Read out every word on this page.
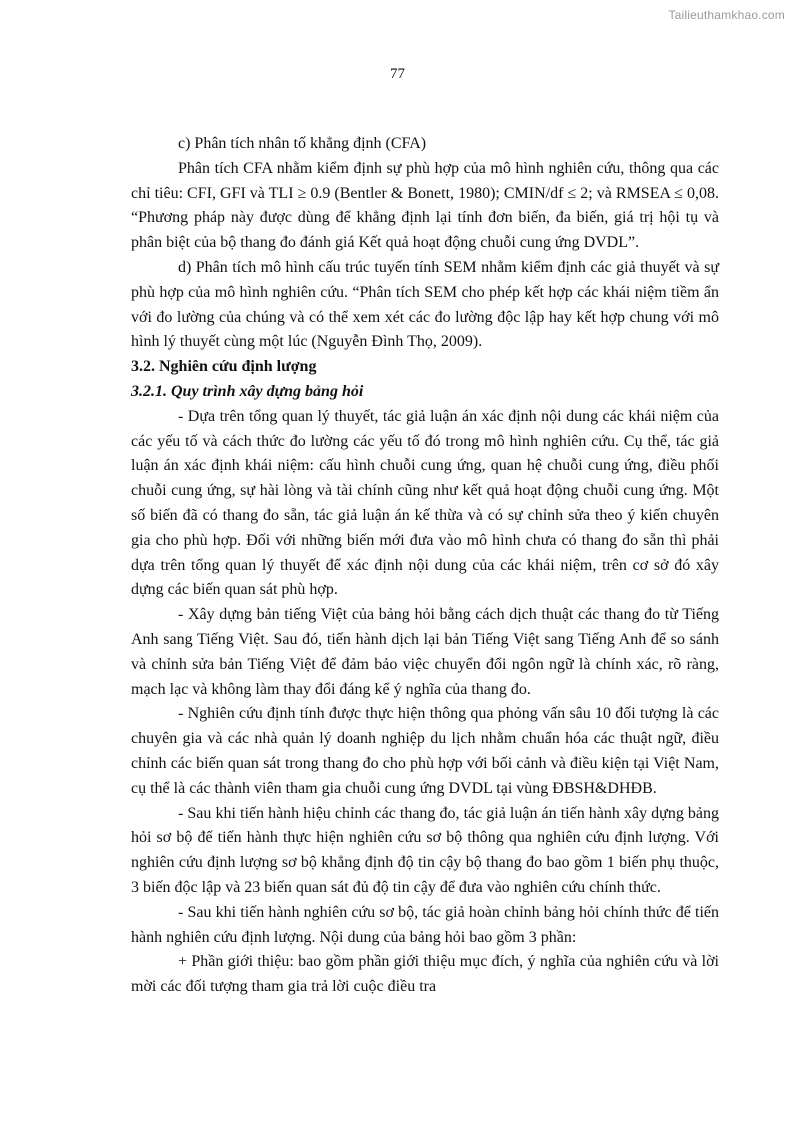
Tailieuthamkhao.com
77

c) Phân tích nhân tố khẳng định (CFA)

Phân tích CFA nhằm kiểm định sự phù hợp của mô hình nghiên cứu, thông qua các chỉ tiêu: CFI, GFI và TLI ≥ 0.9 (Bentler & Bonett, 1980); CMIN/df ≤ 2; và RMSEA ≤ 0,08. “Phương pháp này được dùng để khẳng định lại tính đơn biến, đa biến, giá trị hội tụ và phân biệt của bộ thang đo đánh giá Kết quả hoạt động chuỗi cung ứng DVDL”.

d) Phân tích mô hình cấu trúc tuyến tính SEM nhằm kiểm định các giả thuyết và sự phù hợp của mô hình nghiên cứu. “Phân tích SEM cho phép kết hợp các khái niệm tiềm ẩn với đo lường của chúng và có thể xem xét các đo lường độc lập hay kết hợp chung với mô hình lý thuyết cùng một lúc (Nguyễn Đình Thọ, 2009).

3.2. Nghiên cứu định lượng

3.2.1. Quy trình xây dựng bảng hỏi

- Dựa trên tổng quan lý thuyết, tác giả luận án xác định nội dung các khái niệm của các yếu tố và cách thức đo lường các yếu tố đó trong mô hình nghiên cứu. Cụ thể, tác giả luận án xác định khái niệm: cấu hình chuỗi cung ứng, quan hệ chuỗi cung ứng, điều phối chuỗi cung ứng, sự hài lòng và tài chính cũng như kết quả hoạt động chuỗi cung ứng. Một số biến đã có thang đo sẵn, tác giả luận án kế thừa và có sự chỉnh sửa theo ý kiến chuyên gia cho phù hợp. Đối với những biến mới đưa vào mô hình chưa có thang đo sẵn thì phải dựa trên tổng quan lý thuyết để xác định nội dung của các khái niệm, trên cơ sở đó xây dựng các biến quan sát phù hợp.

- Xây dựng bản tiếng Việt của bảng hỏi bằng cách dịch thuật các thang đo từ Tiếng Anh sang Tiếng Việt. Sau đó, tiến hành dịch lại bản Tiếng Việt sang Tiếng Anh để so sánh và chỉnh sửa bản Tiếng Việt để đảm bảo việc chuyển đổi ngôn ngữ là chính xác, rõ ràng, mạch lạc và không làm thay đổi đáng kể ý nghĩa của thang đo.

- Nghiên cứu định tính được thực hiện thông qua phỏng vấn sâu 10 đối tượng là các chuyên gia và các nhà quản lý doanh nghiệp du lịch nhằm chuẩn hóa các thuật ngữ, điều chỉnh các biến quan sát trong thang đo cho phù hợp với bối cảnh và điều kiện tại Việt Nam, cụ thể là các thành viên tham gia chuỗi cung ứng DVDL tại vùng ĐBSH&DHĐB.

- Sau khi tiến hành hiệu chỉnh các thang đo, tác giả luận án tiến hành xây dựng bảng hỏi sơ bộ để tiến hành thực hiện nghiên cứu sơ bộ thông qua nghiên cứu định lượng. Với nghiên cứu định lượng sơ bộ khẳng định độ tin cậy bộ thang đo bao gồm 1 biến phụ thuộc, 3 biến độc lập và 23 biến quan sát đủ độ tin cậy để đưa vào nghiên cứu chính thức.

- Sau khi tiến hành nghiên cứu sơ bộ, tác giả hoàn chỉnh bảng hỏi chính thức để tiến hành nghiên cứu định lượng. Nội dung của bảng hỏi bao gồm 3 phần:

+ Phần giới thiệu: bao gồm phần giới thiệu mục đích, ý nghĩa của nghiên cứu và lời mời các đối tượng tham gia trả lời cuộc điều tra
